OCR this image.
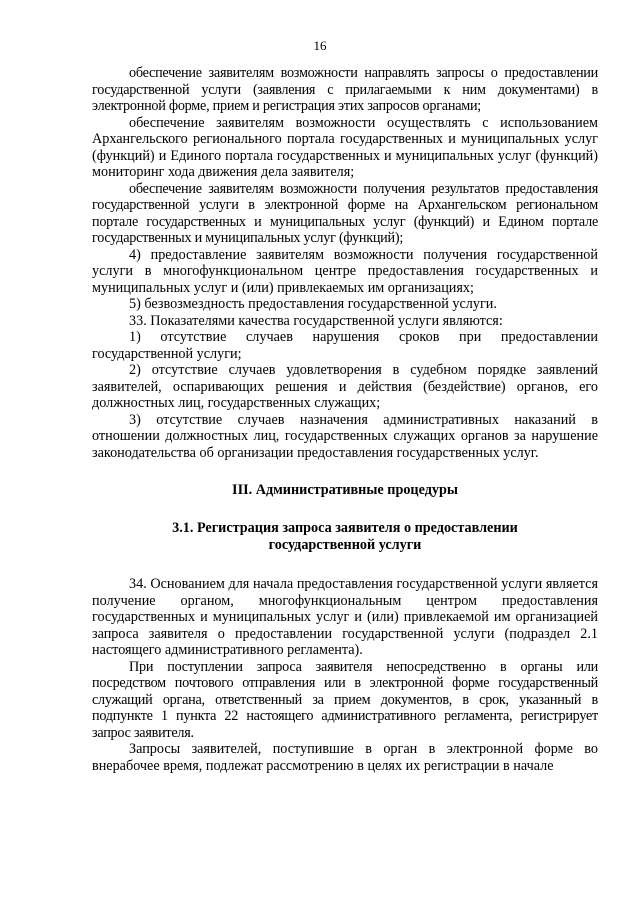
16

обеспечение заявителям возможности направлять запросы о предоставлении государственной услуги (заявления с прилагаемыми к ним документами) в электронной форме, прием и регистрация этих запросов органами;

обеспечение заявителям возможности осуществлять с использованием Архангельского регионального портала государственных и муниципальных услуг (функций) и Единого портала государственных и муниципальных услуг (функций) мониторинг хода движения дела заявителя;

обеспечение заявителям возможности получения результатов предоставления государственной услуги в электронной форме на Архангельском региональном портале государственных и муниципальных услуг (функций) и Едином портале государственных и муниципальных услуг (функций);

4) предоставление заявителям возможности получения государственной услуги в многофункциональном центре предоставления государственных и муниципальных услуг и (или) привлекаемых им организациях;

5) безвозмездность предоставления государственной услуги.

33. Показателями качества государственной услуги являются:

1) отсутствие случаев нарушения сроков при предоставлении государственной услуги;

2) отсутствие случаев удовлетворения в судебном порядке заявлений заявителей, оспаривающих решения и действия (бездействие) органов, его должностных лиц, государственных служащих;

3) отсутствие случаев назначения административных наказаний в отношении должностных лиц, государственных служащих органов за нарушение законодательства об организации предоставления государственных услуг.

III. Административные процедуры
3.1. Регистрация запроса заявителя о предоставлении
государственной услуги

34. Основанием для начала предоставления государственной услуги является получение органом, многофункциональным центром предоставления государственных и муниципальных услуг и (или) привлекаемой им организацией запроса заявителя о предоставлении государственной услуги (подраздел 2.1 настоящего административного регламента).

При поступлении запроса заявителя непосредственно в органы или посредством почтового отправления или в электронной форме государственный служащий органа, ответственный за прием документов, в срок, указанный в подпункте 1 пункта 22 настоящего административного регламента, регистрирует запрос заявителя.

Запросы заявителей, поступившие в орган в электронной форме во внерабочее время, подлежат рассмотрению в целях их регистрации в начале
